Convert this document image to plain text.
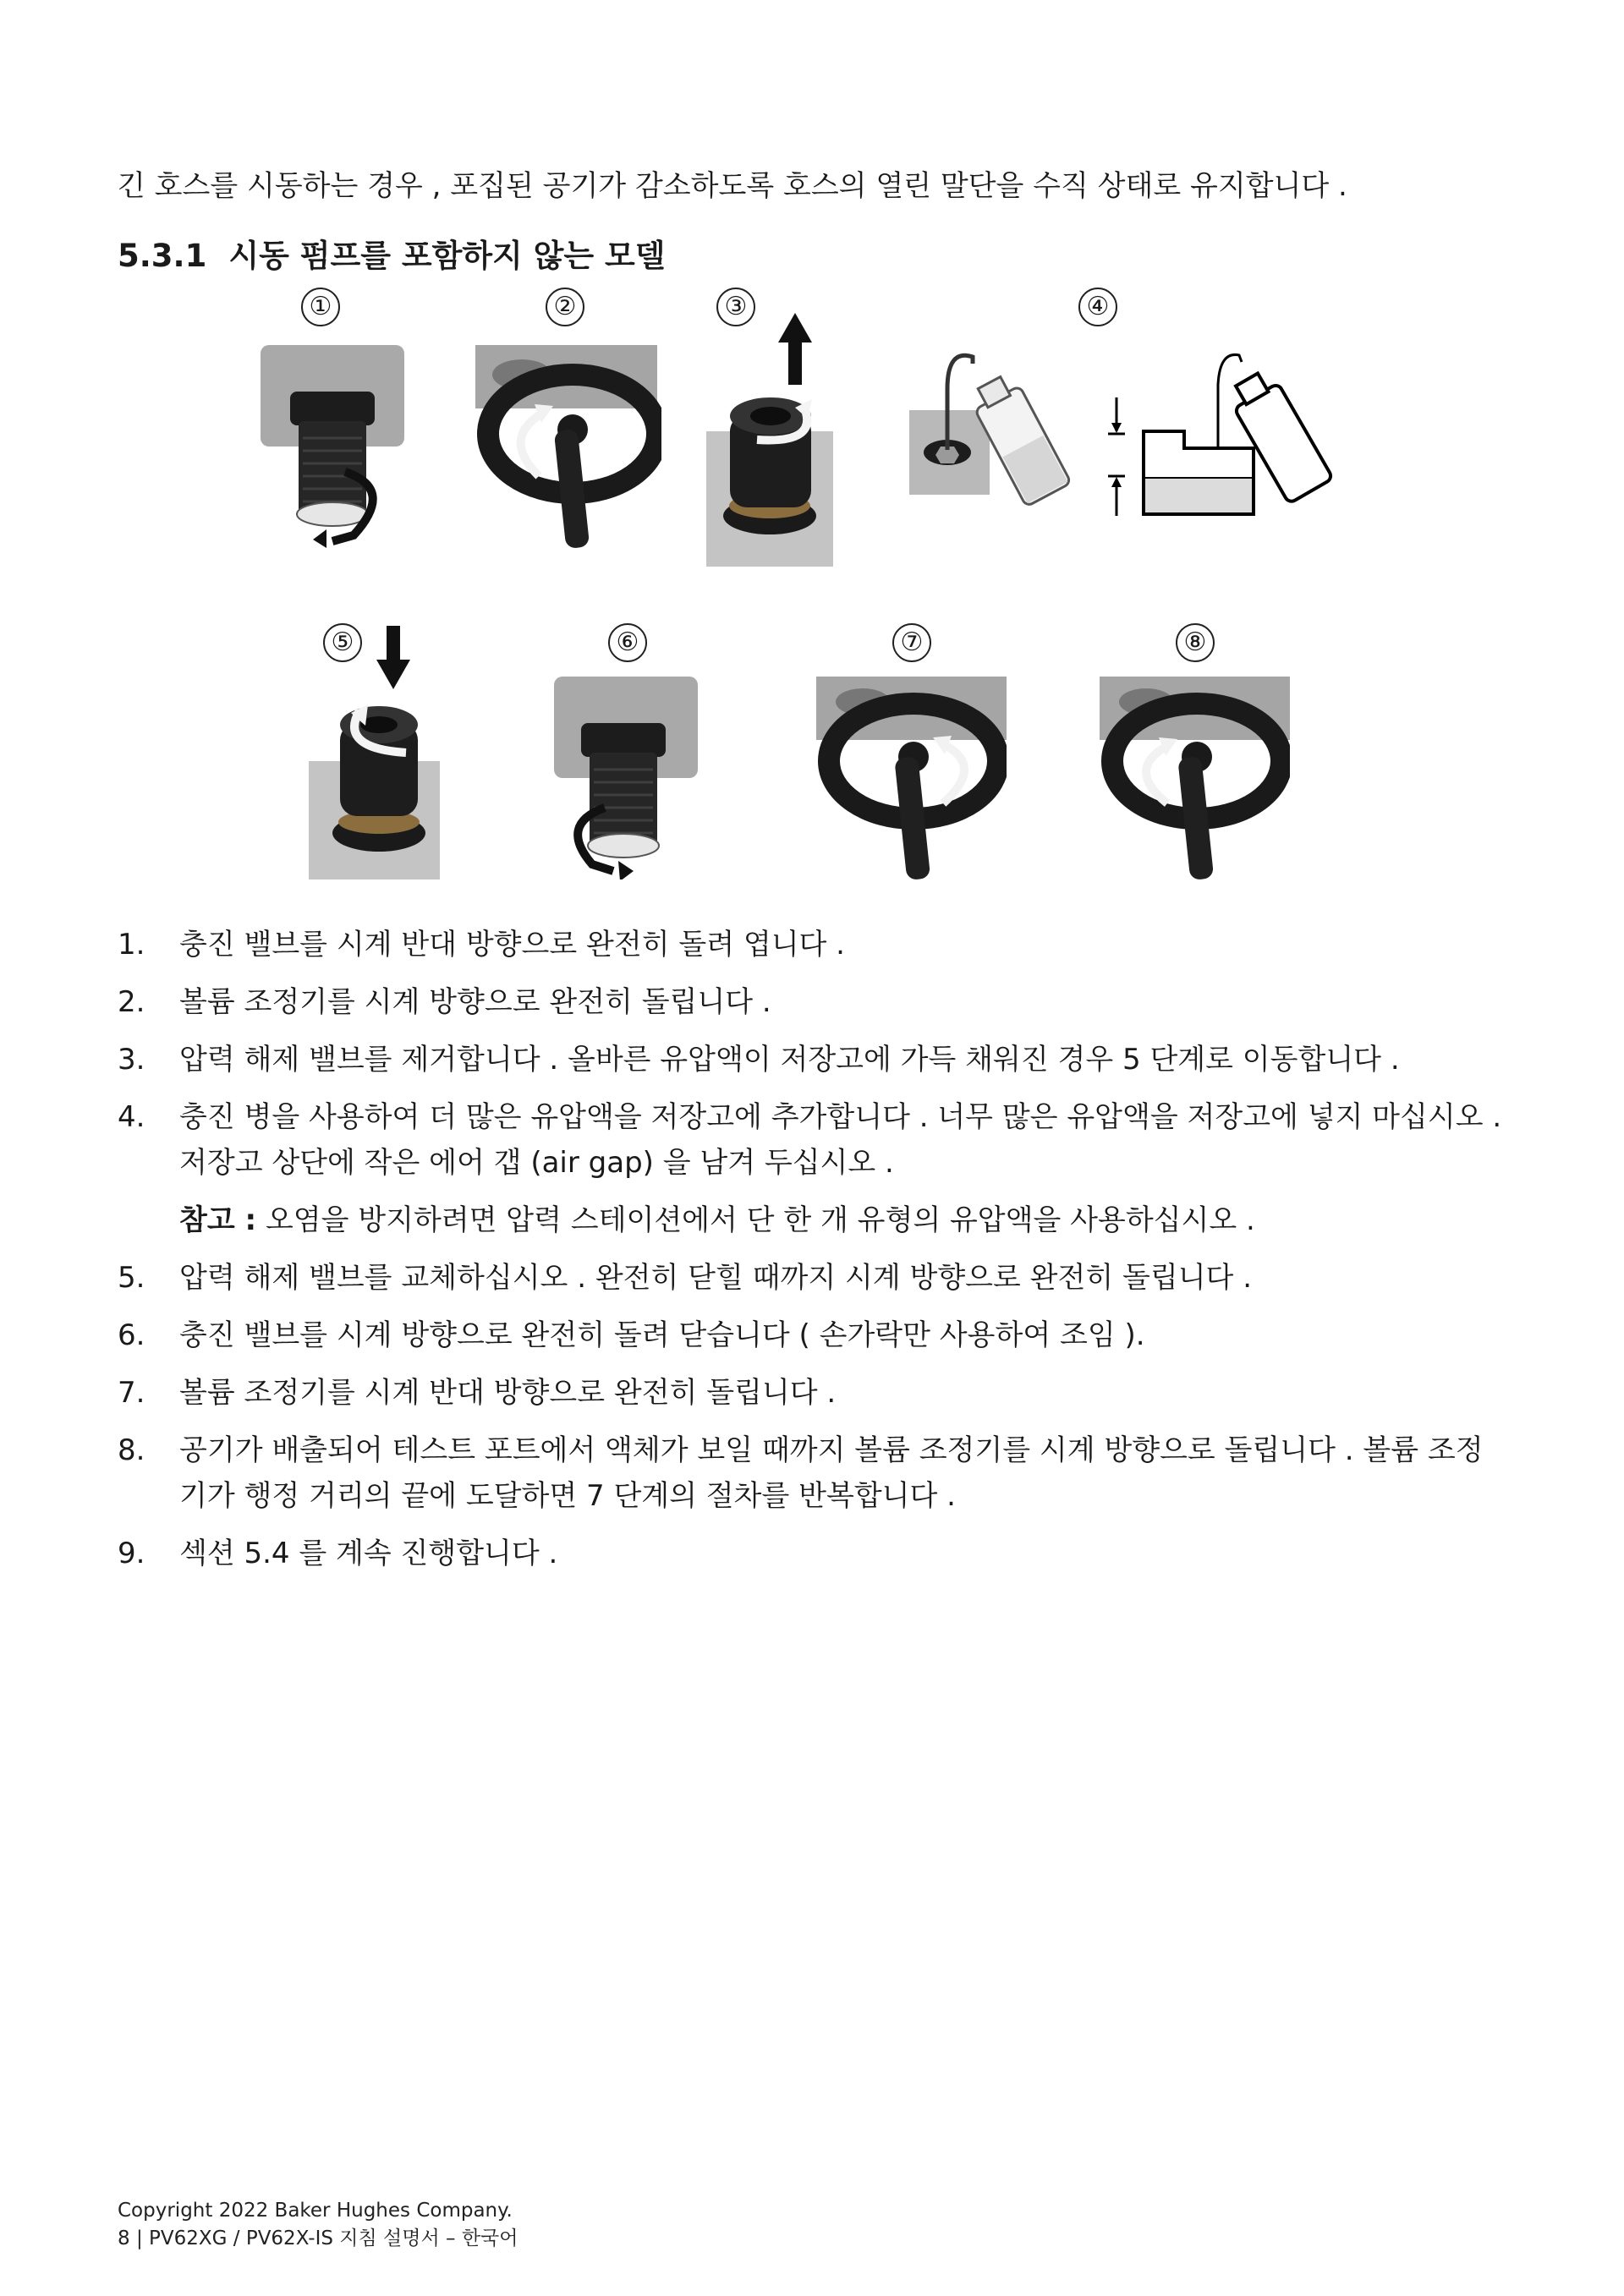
긴 호스를 시동하는 경우 , 포집된 공기가 감소하도록 호스의 열린 말단을 수직 상태로 유지합니다 .
5.3.1 시동 펌프를 포함하지 않는 모델
①	②	③	④
⑤	⑥	⑦	⑧
1. 충진 밸브를 시계 반대 방향으로 완전히 돌려 엽니다 .
2. 볼륨 조정기를 시계 방향으로 완전히 돌립니다 .
3. 압력 해제 밸브를 제거합니다 . 올바른 유압액이 저장고에 가득 채워진 경우 5 단계로 이동합니다 .
4. 충진 병을 사용하여 더 많은 유압액을 저장고에 추가합니다 . 너무 많은 유압액을 저장고에 넣지 마십시오 . 저장고 상단에 작은 에어 갭 (air gap) 을 남겨 두십시오 .
참고 : 오염을 방지하려면 압력 스테이션에서 단 한 개 유형의 유압액을 사용하십시오 .
5. 압력 해제 밸브를 교체하십시오 . 완전히 닫힐 때까지 시계 방향으로 완전히 돌립니다 .
6. 충진 밸브를 시계 방향으로 완전히 돌려 닫습니다 ( 손가락만 사용하여 조임 ).
7. 볼륨 조정기를 시계 반대 방향으로 완전히 돌립니다 .
8. 공기가 배출되어 테스트 포트에서 액체가 보일 때까지 볼륨 조정기를 시계 방향으로 돌립니다 . 볼륨 조정기가 행정 거리의 끝에 도달하면 7 단계의 절차를 반복합니다 .
9. 섹션 5.4 를 계속 진행합니다 .
Copyright 2022 Baker Hughes Company.
8 | PV62XG / PV62X-IS 지침 설명서 – 한국어
